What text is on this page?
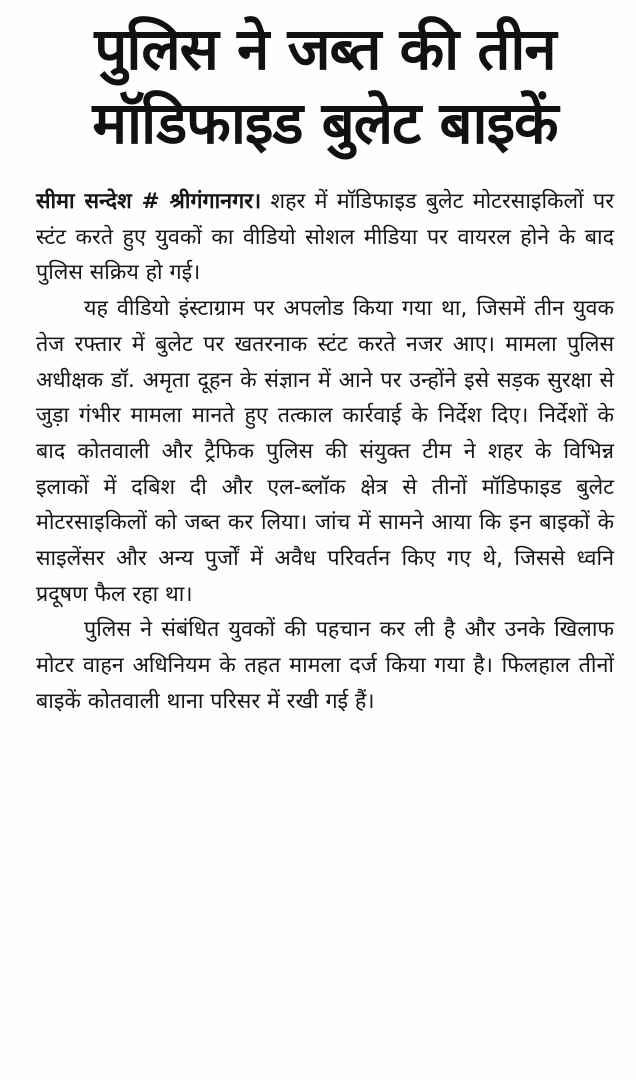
पुलिस ने जब्त की तीन
मॉडिफाइड बुलेट बाइकें

सीमा सन्देश # श्रीगंगानगर। शहर में मॉडिफाइड बुलेट मोटरसाइकिलों पर स्टंट करते हुए युवकों का वीडियो सोशल मीडिया पर वायरल होने के बाद पुलिस सक्रिय हो गई।

यह वीडियो इंस्टाग्राम पर अपलोड किया गया था, जिसमें तीन युवक तेज रफ्तार में बुलेट पर खतरनाक स्टंट करते नजर आए। मामला पुलिस अधीक्षक डॉ. अमृता दूहन के संज्ञान में आने पर उन्होंने इसे सड़क सुरक्षा से जुड़ा गंभीर मामला मानते हुए तत्काल कार्रवाई के निर्देश दिए। निर्देशों के बाद कोतवाली और ट्रैफिक पुलिस की संयुक्त टीम ने शहर के विभिन्न इलाकों में दबिश दी और एल-ब्लॉक क्षेत्र से तीनों मॉडिफाइड बुलेट मोटरसाइकिलों को जब्त कर लिया। जांच में सामने आया कि इन बाइकों के साइलेंसर और अन्य पुर्जों में अवैध परिवर्तन किए गए थे, जिससे ध्वनि प्रदूषण फैल रहा था।

पुलिस ने संबंधित युवकों की पहचान कर ली है और उनके खिलाफ मोटर वाहन अधिनियम के तहत मामला दर्ज किया गया है। फिलहाल तीनों बाइकें कोतवाली थाना परिसर में रखी गई हैं।
